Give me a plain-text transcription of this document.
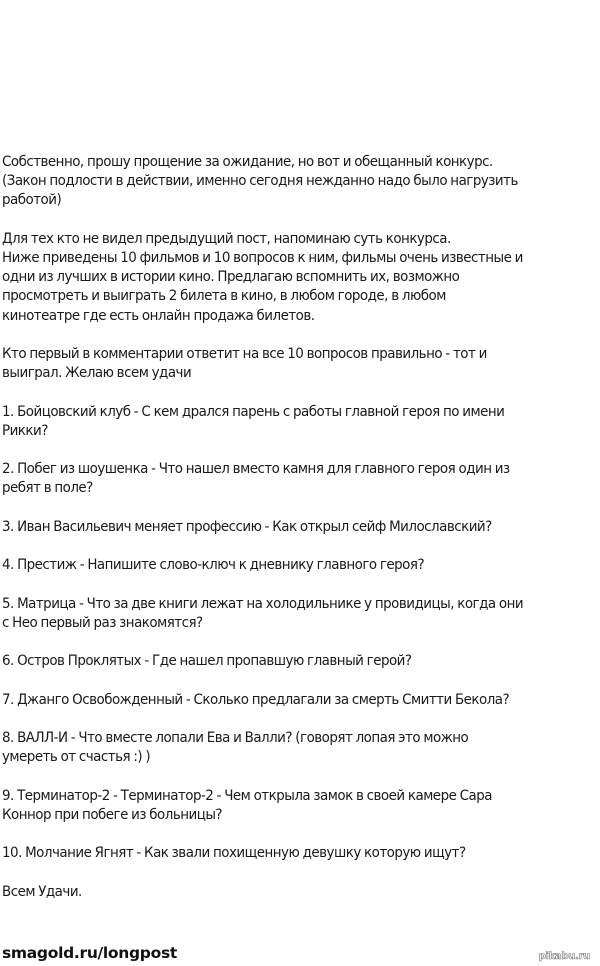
Собственно, прошу прощение за ожидание, но вот и обещанный конкурс.
(Закон подлости в действии, именно сегодня нежданно надо было нагрузить
работой)

Для тех кто не видел предыдущий пост, напоминаю суть конкурса.
Ниже приведены 10 фильмов и 10 вопросов к ним, фильмы очень известные и
одни из лучших в истории кино. Предлагаю вспомнить их, возможно
просмотреть и выиграть 2 билета в кино, в любом городе, в любом
кинотеатре где есть онлайн продажа билетов.

Кто первый в комментарии ответит на все 10 вопросов правильно - тот и
выиграл. Желаю всем удачи

1. Бойцовский клуб - С кем дрался парень с работы главной героя по имени
Рикки?

2. Побег из шоушенка - Что нашел вместо камня для главного героя один из
ребят в поле?

3. Иван Васильевич меняет профессию - Как открыл сейф Милославский?

4. Престиж - Напишите слово-ключ к дневнику главного героя?

5. Матрица - Что за две книги лежат на холодильнике у провидицы, когда они
с Нео первый раз знакомятся?

6. Остров Проклятых - Где нашел пропавшую главный герой?

7. Джанго Освобожденный - Сколько предлагали за смерть Смитти Бекола?

8. ВАЛЛ-И - Что вместе лопали Ева и Валли? (говорят лопая это можно
умереть от счастья :) )

9. Терминатор-2 - Терминатор-2 - Чем открыла замок в своей камере Сара
Коннор при побеге из больницы?

10. Молчание Ягнят - Как звали похищенную девушку которую ищут?

Всем Удачи.

smagold.ru/longpost	pikabu.ru
